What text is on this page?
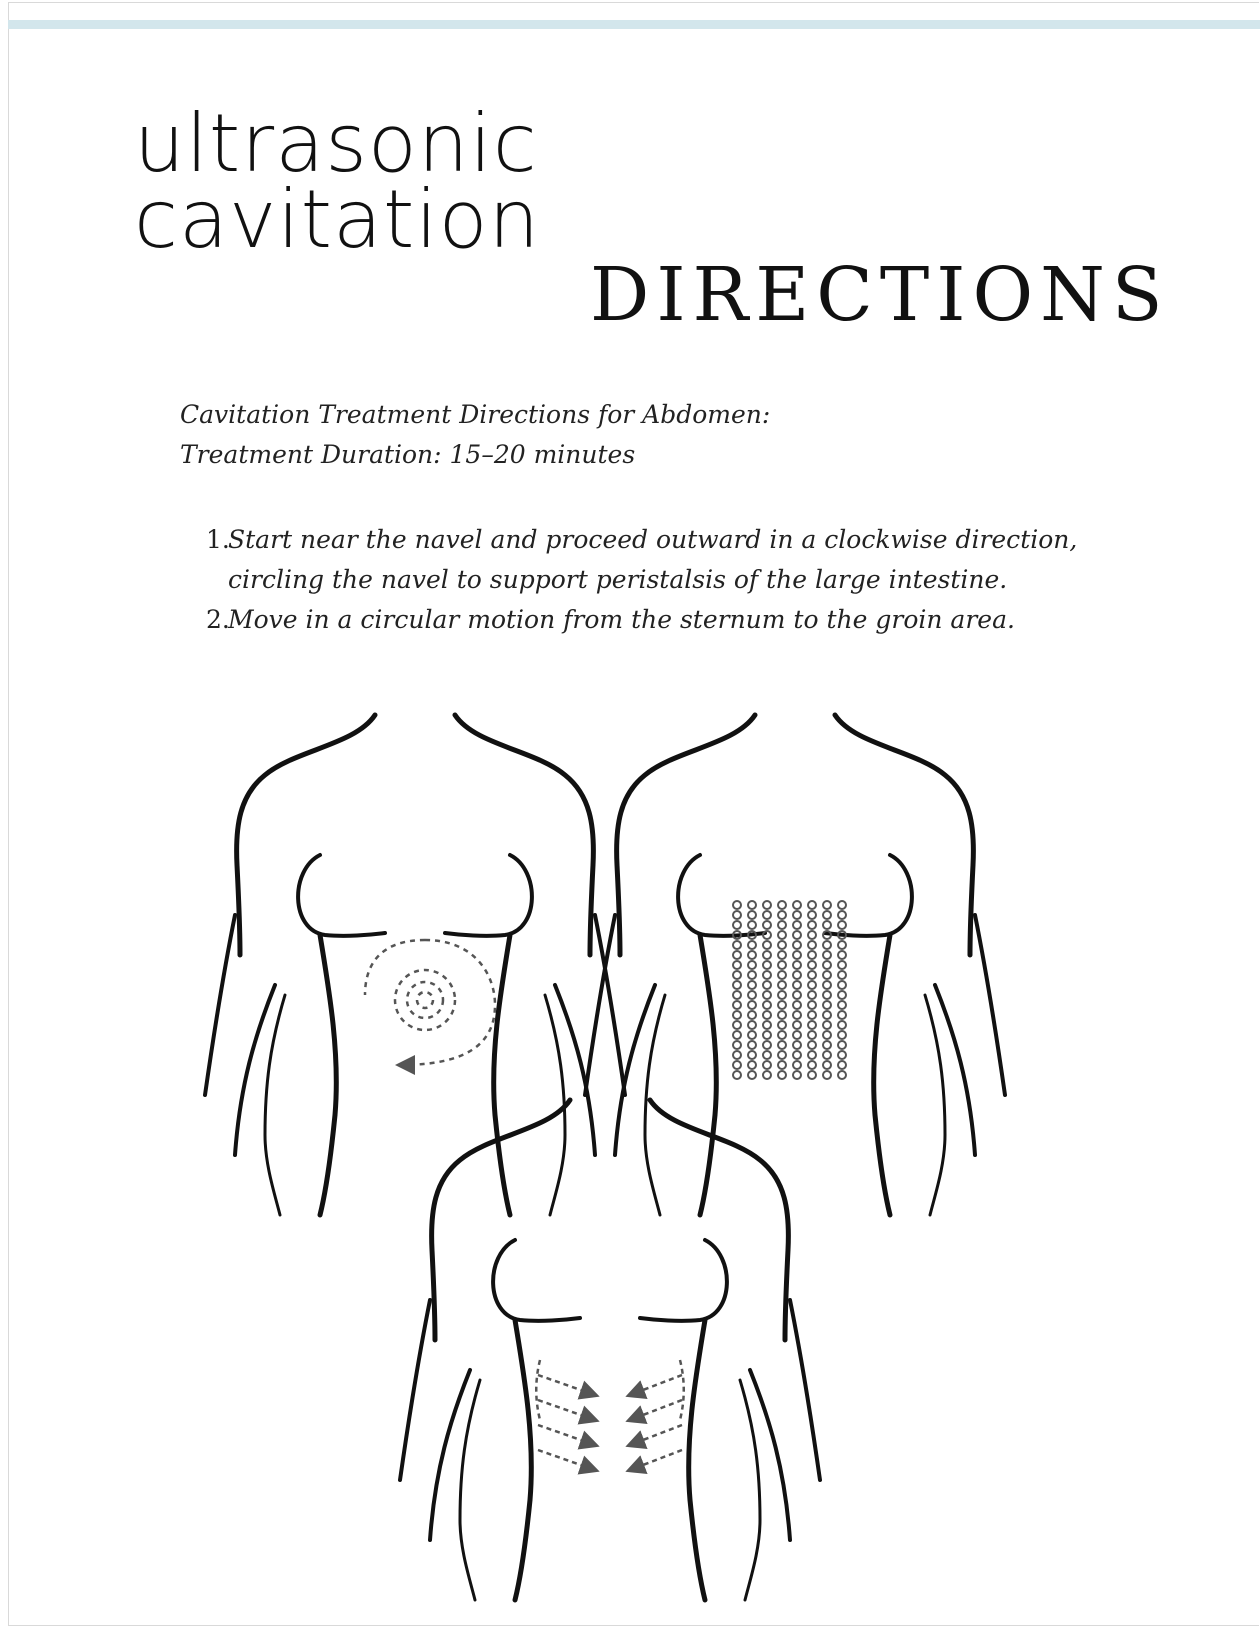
ultrasonic
cavitation
DIRECTIONS

Cavitation Treatment Directions for Abdomen:

Treatment Duration: 15–20 minutes

1.
Start near the navel and proceed outward in a clockwise direction,
circling the navel to support peristalsis of the large intestine.
2.
Move in a circular motion from the sternum to the groin area.
